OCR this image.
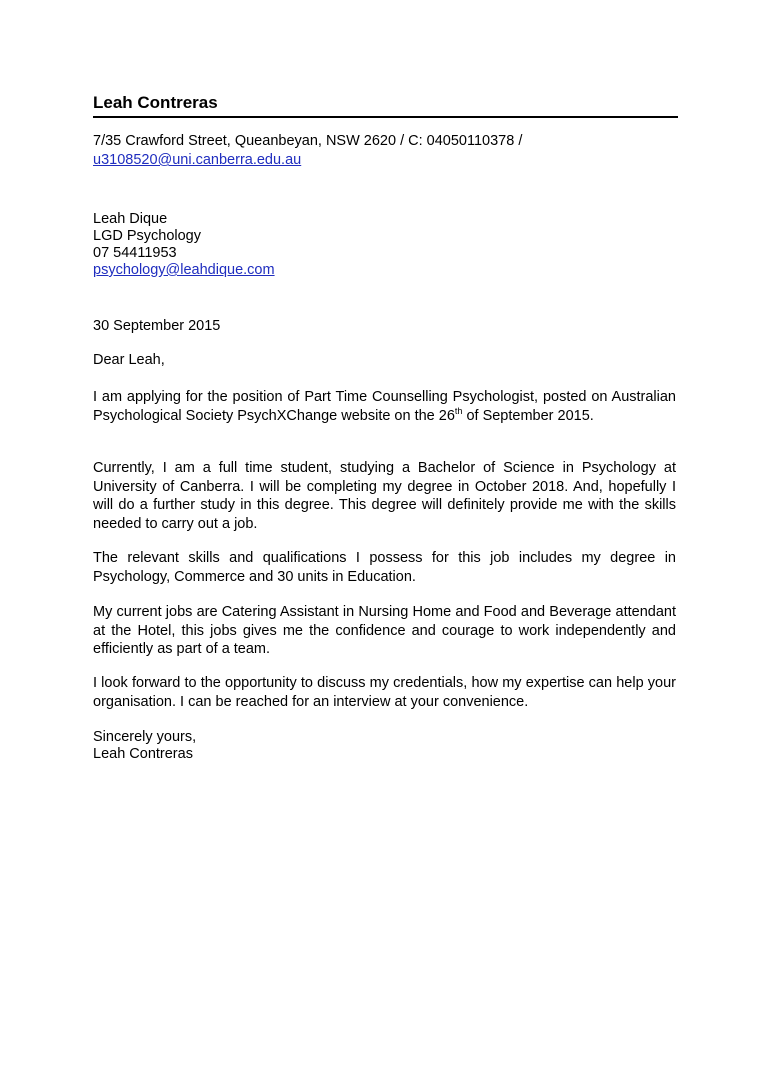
Leah Contreras
7/35 Crawford Street, Queanbeyan, NSW 2620 / C: 04050110378 /
u3108520@uni.canberra.edu.au
Leah Dique
LGD Psychology
07 54411953
psychology@leahdique.com
30 September 2015
Dear Leah,
I am applying for the position of Part Time Counselling Psychologist, posted on Australian Psychological Society PsychXChange website on the 26th of September 2015.
Currently, I am a full time student, studying a Bachelor of Science in Psychology at University of Canberra. I will be completing my degree in October 2018. And, hopefully I will do a further study in this degree. This degree will definitely provide me with the skills needed to carry out a job.
The relevant skills and qualifications I possess for this job includes my degree in Psychology, Commerce and 30 units in Education.
My current jobs are Catering Assistant in Nursing Home and Food and Beverage attendant at the Hotel, this jobs gives me the confidence and courage to work independently and efficiently as part of a team.
I look forward to the opportunity to discuss my credentials, how my expertise can help your organisation. I can be reached for an interview at your convenience.
Sincerely yours,
Leah Contreras
